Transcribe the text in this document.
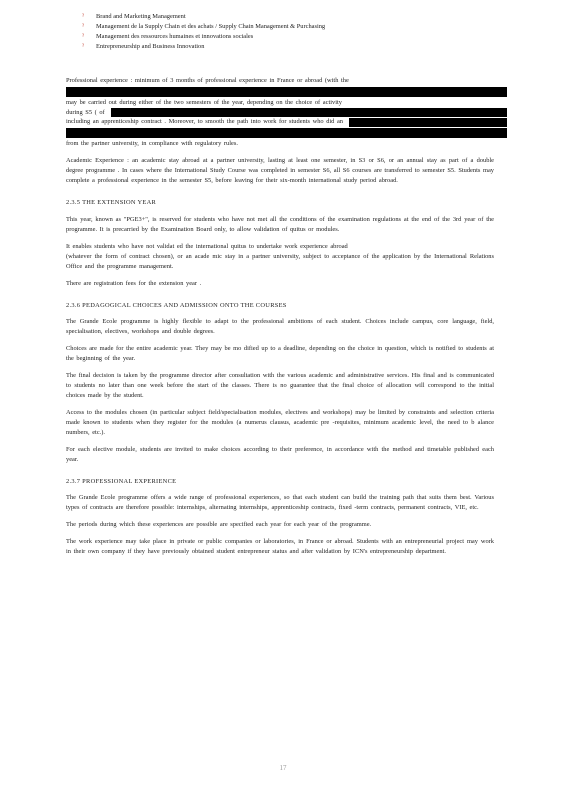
?	Brand and Marketing Management
?	Management de la Supply Chain et des achats / Supply Chain Management & Purchasing
?	Management des ressources humaines et innovations sociales
?	Entrepreneurship and Business Innovation
Professional experience : minimum of 3 months of professional experience in France or abroad (with the
may be carried out during either of the two semesters of the year, depending on the choice of activity
during S5 ( of
including an apprenticeship contract . Moreover, to smooth the path into work for students who did an
from the partner university, in compliance with regulatory rules.

Academic Experience : an academic stay abroad at a partner university, lasting at least one semester, in S3 or S6, or an annual stay as part of a double degree programme . In cases where the International Study Course was completed in semester S6, all S6 courses are transferred to semester S5. Students may complete a professional experience in the semester S5, before leaving for their six-month international study period abroad.

2.3.5 THE EXTENSION YEAR

This year, known as "PGE3+", is reserved for students who have not met all the conditions of the examination regulations at the end of the 3rd year of the programme. It is precarried by the Examination Board only, to allow validation of quitus or modules.

It enables students who have not validat ed the international quitus to undertake work experience abroad
(whatever the form of contract chosen), or an acade mic stay in a partner university, subject to acceptance of the application by the International Relations Office and the programme management.

There are registration fees for the extension year .

2.3.6 PEDAGOGICAL CHOICES AND ADMISSION ONTO THE COURSES

The Grande Ecole programme is highly flexible to adapt to the professional ambitions of each student. Choices include campus, core language, field, specialisation, electives, workshops and double degrees.

Choices are made for the entire academic year. They may be mo dified up to a deadline, depending on the choice in question, which is notified to students at the beginning of the year.

The final decision is taken by the programme director after consultation with the various academic and administrative services. His final and is communicated to students no later than one week before the start of the classes. There is no guarantee that the final choice of allocation will correspond to the initial choices made by the student.

Access to the modules chosen (in particular subject field/specialisation modules, electives and workshops) may be limited by constraints and selection criteria made known to students when they register for the modules (a numerus clausus, academic pre -requisites, minimum academic level, the need to b alance numbers, etc.).

For each elective module, students are invited to make choices according to their preference, in accordance with the method and timetable published each year.

2.3.7 PROFESSIONAL EXPERIENCE

The Grande Ecole programme offers a wide range of professional experiences, so that each student can build the training path that suits them best. Various types of contracts are therefore possible: internships, alternating internships, apprenticeship contracts, fixed -term contracts, permanent contracts, VIE, etc.

The periods during which these experiences are possible are specified each year for each year of the programme.

The work experience may take place in private or public companies or laboratories, in France or abroad. Students with an entrepreneurial project may work in their own company if they have previously obtained student entrepreneur status and after validation by ICN's entrepreneurship department.

17
